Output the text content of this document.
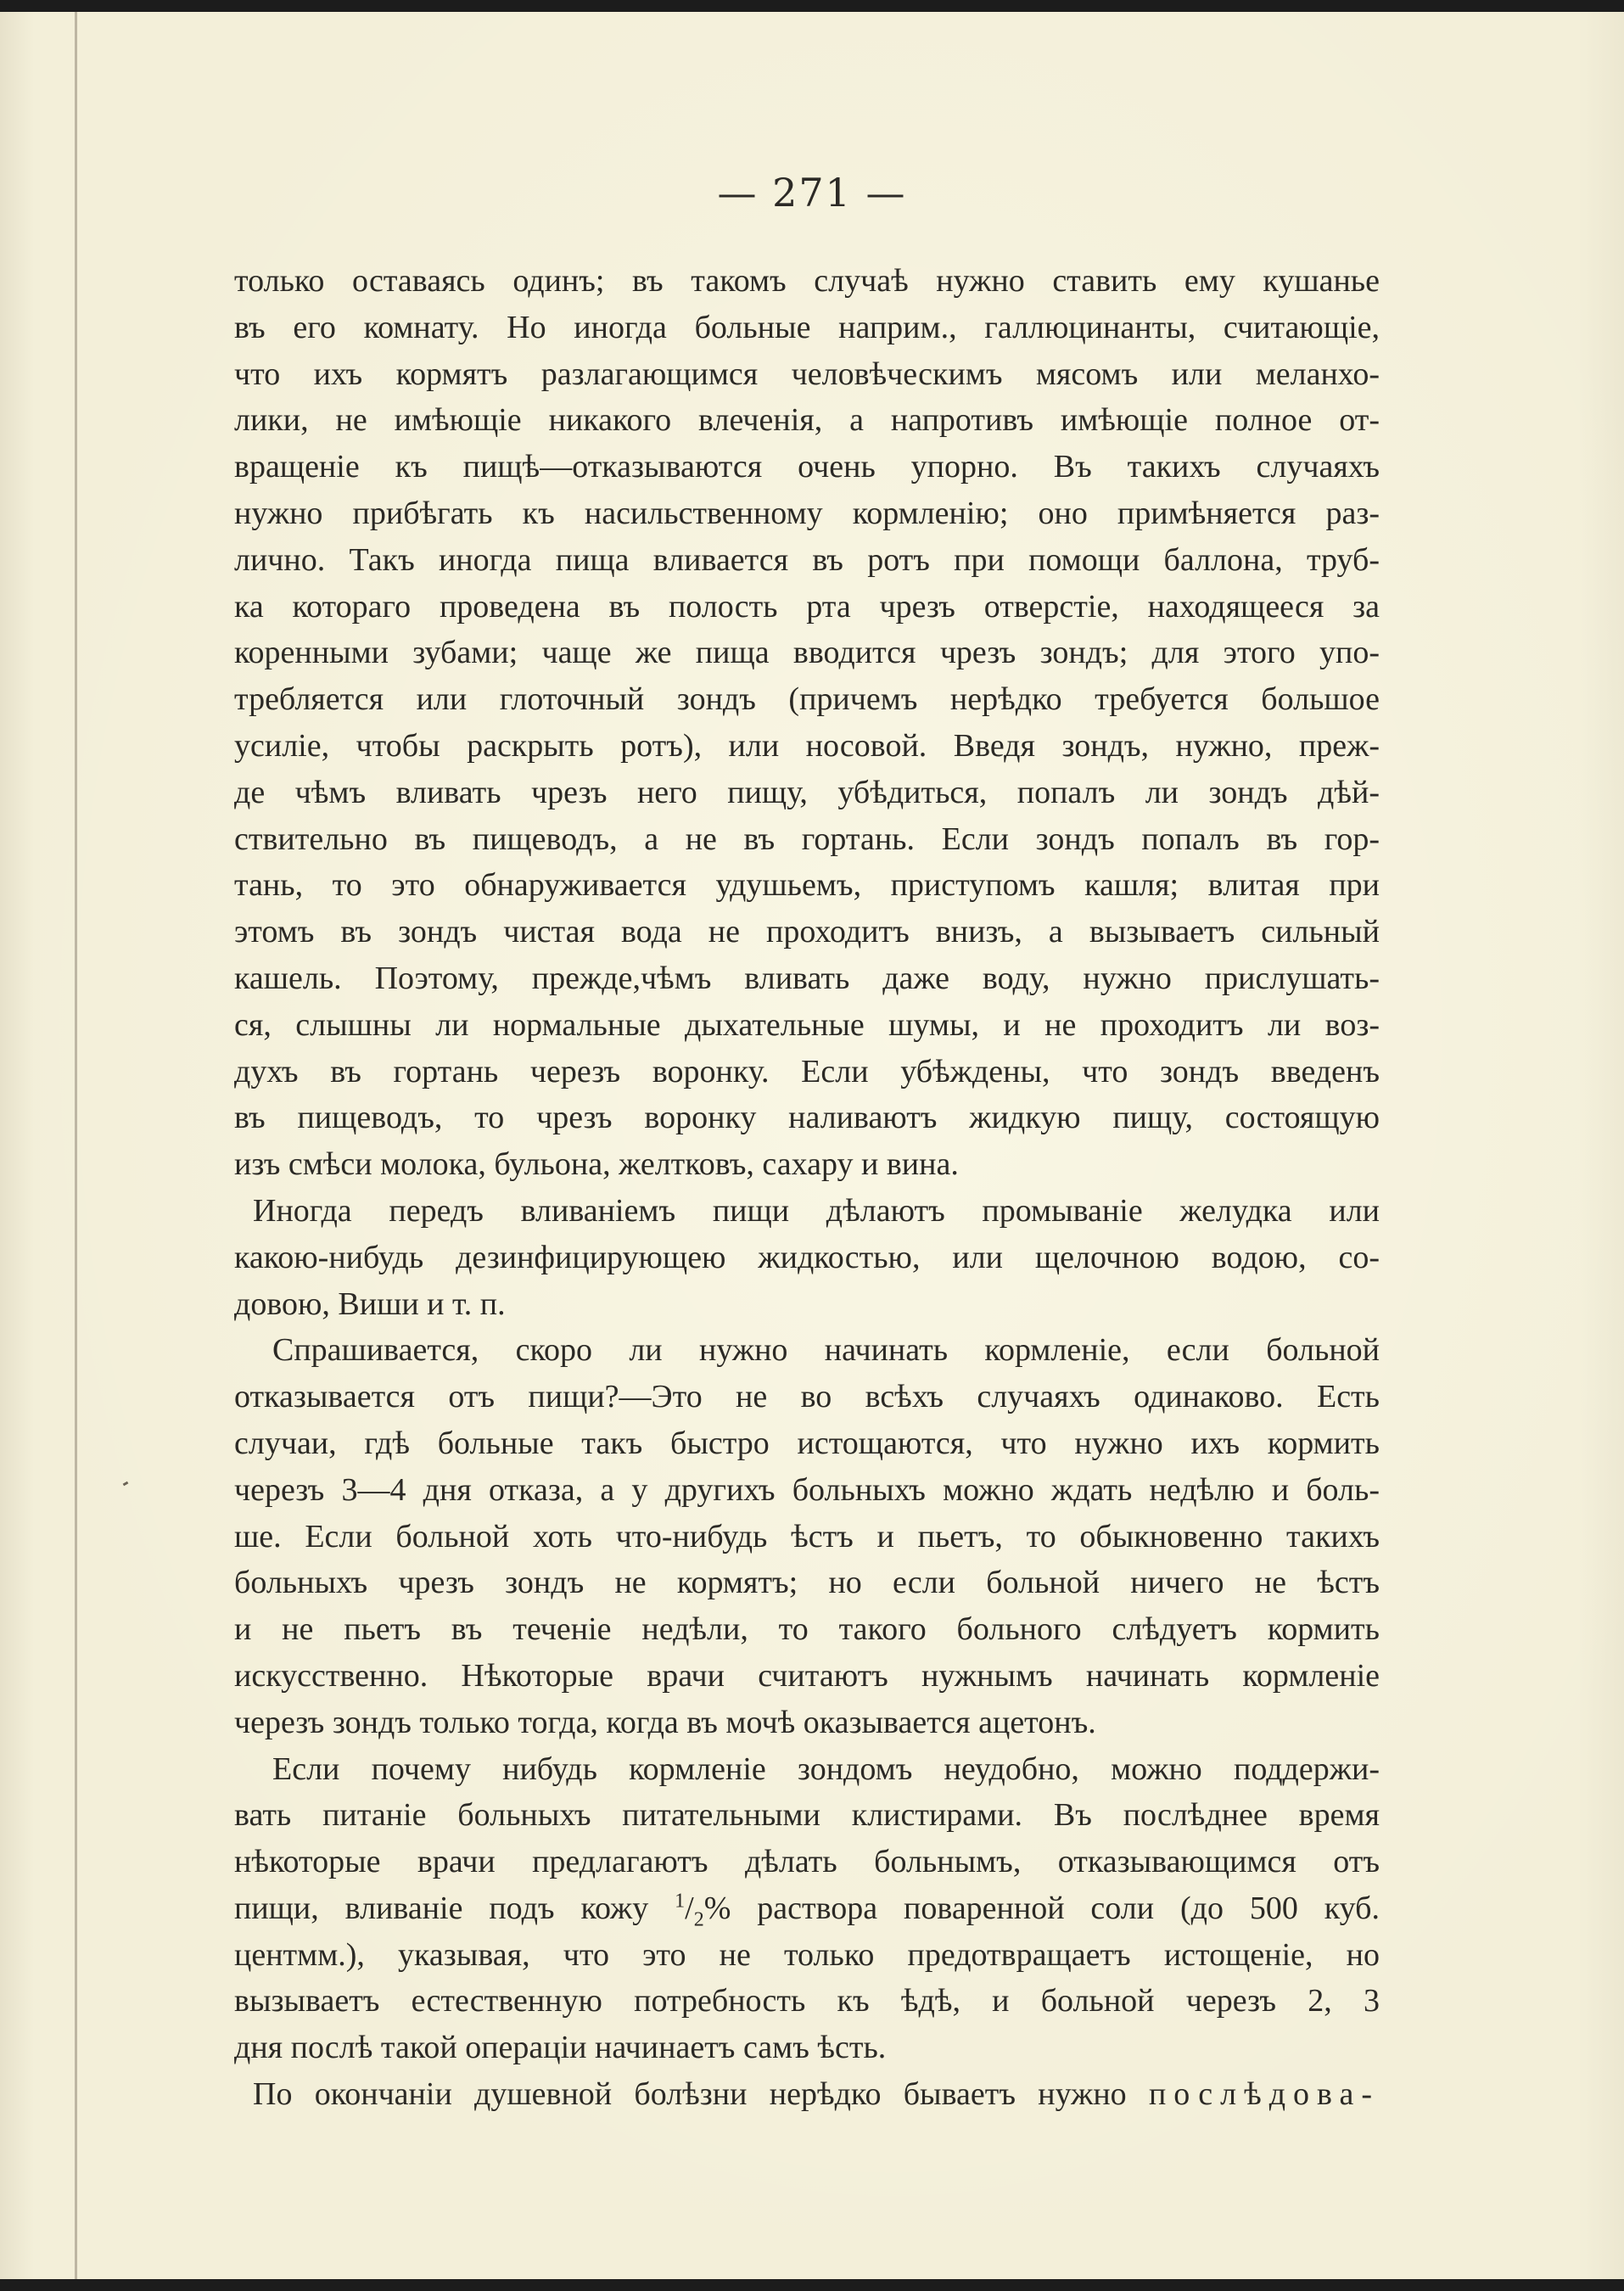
— 271 —

только оставаясь одинъ; въ такомъ случаѣ нужно ставить ему кушанье

въ его комнату. Но иногда больные наприм., галлюцинанты, считающіе,

что ихъ кормятъ разлагающимся человѣческимъ мясомъ или меланхо-

лики, не имѣющіе никакого влеченія, а напротивъ имѣющіе полное от-

вращеніе къ пищѣ—отказываются очень упорно. Въ такихъ случаяхъ

нужно прибѣгать къ насильственному кормленію; оно примѣняется раз-

лично. Такъ иногда пища вливается въ ротъ при помощи баллона, труб-

ка котораго проведена въ полость рта чрезъ отверстіе, находящееся за

коренными зубами; чаще же пища вводится чрезъ зондъ; для этого упо-

требляется или глоточный зондъ (причемъ нерѣдко требуется большое

усиліе, чтобы раскрыть ротъ), или носовой. Введя зондъ, нужно, преж-

де чѣмъ вливать чрезъ него пищу, убѣдиться, попалъ ли зондъ дѣй-

ствительно въ пищеводъ, а не въ гортань. Если зондъ попалъ въ гор-

тань, то это обнаруживается удушьемъ, приступомъ кашля; влитая при

этомъ въ зондъ чистая вода не проходитъ внизъ, а вызываетъ сильный

кашель. Поэтому, прежде,чѣмъ вливать даже воду, нужно прислушать-

ся, слышны ли нормальные дыхательные шумы, и не проходитъ ли воз-

духъ въ гортань черезъ воронку. Если убѣждены, что зондъ введенъ

въ пищеводъ, то чрезъ воронку наливаютъ жидкую пищу, состоящую

изъ смѣси молока, бульона, желтковъ, сахару и вина.

Иногда передъ вливаніемъ пищи дѣлаютъ промываніе желудка или

какою-нибудь дезинфицирующею жидкостью, или щелочною водою, со-

довою, Виши и т. п.

Спрашивается, скоро ли нужно начинать кормленіе, если больной

отказывается отъ пищи?—Это не во всѣхъ случаяхъ одинаково. Есть

случаи, гдѣ больные такъ быстро истощаются, что нужно ихъ кормить

черезъ 3—4 дня отказа, а у другихъ больныхъ можно ждать недѣлю и боль-

ше. Если больной хоть что-нибудь ѣстъ и пьетъ, то обыкновенно такихъ

больныхъ чрезъ зондъ не кормятъ; но если больной ничего не ѣстъ

и не пьетъ въ теченіе недѣли, то такого больного слѣдуетъ кормить

искусственно. Нѣкоторые врачи считаютъ нужнымъ начинать кормленіе

черезъ зондъ только тогда, когда въ мочѣ оказывается ацетонъ.

Если почему нибудь кормленіе зондомъ неудобно, можно поддержи-

вать питаніе больныхъ питательными клистирами. Въ послѣднее время

нѣкоторые врачи предлагаютъ дѣлать больнымъ, отказывающимся отъ

пищи, вливаніе подъ кожу $^1/_2\%$ раствора поваренной соли (до 500 куб.

центмм.), указывая, что это не только предотвращаетъ истощеніе, но

вызываетъ естественную потребность къ ѣдѣ, и больной черезъ 2, 3

дня послѣ такой операціи начинаетъ самъ ѣсть.

По окончаніи душевной болѣзни нерѣдко бываетъ нужно послѣдова-
